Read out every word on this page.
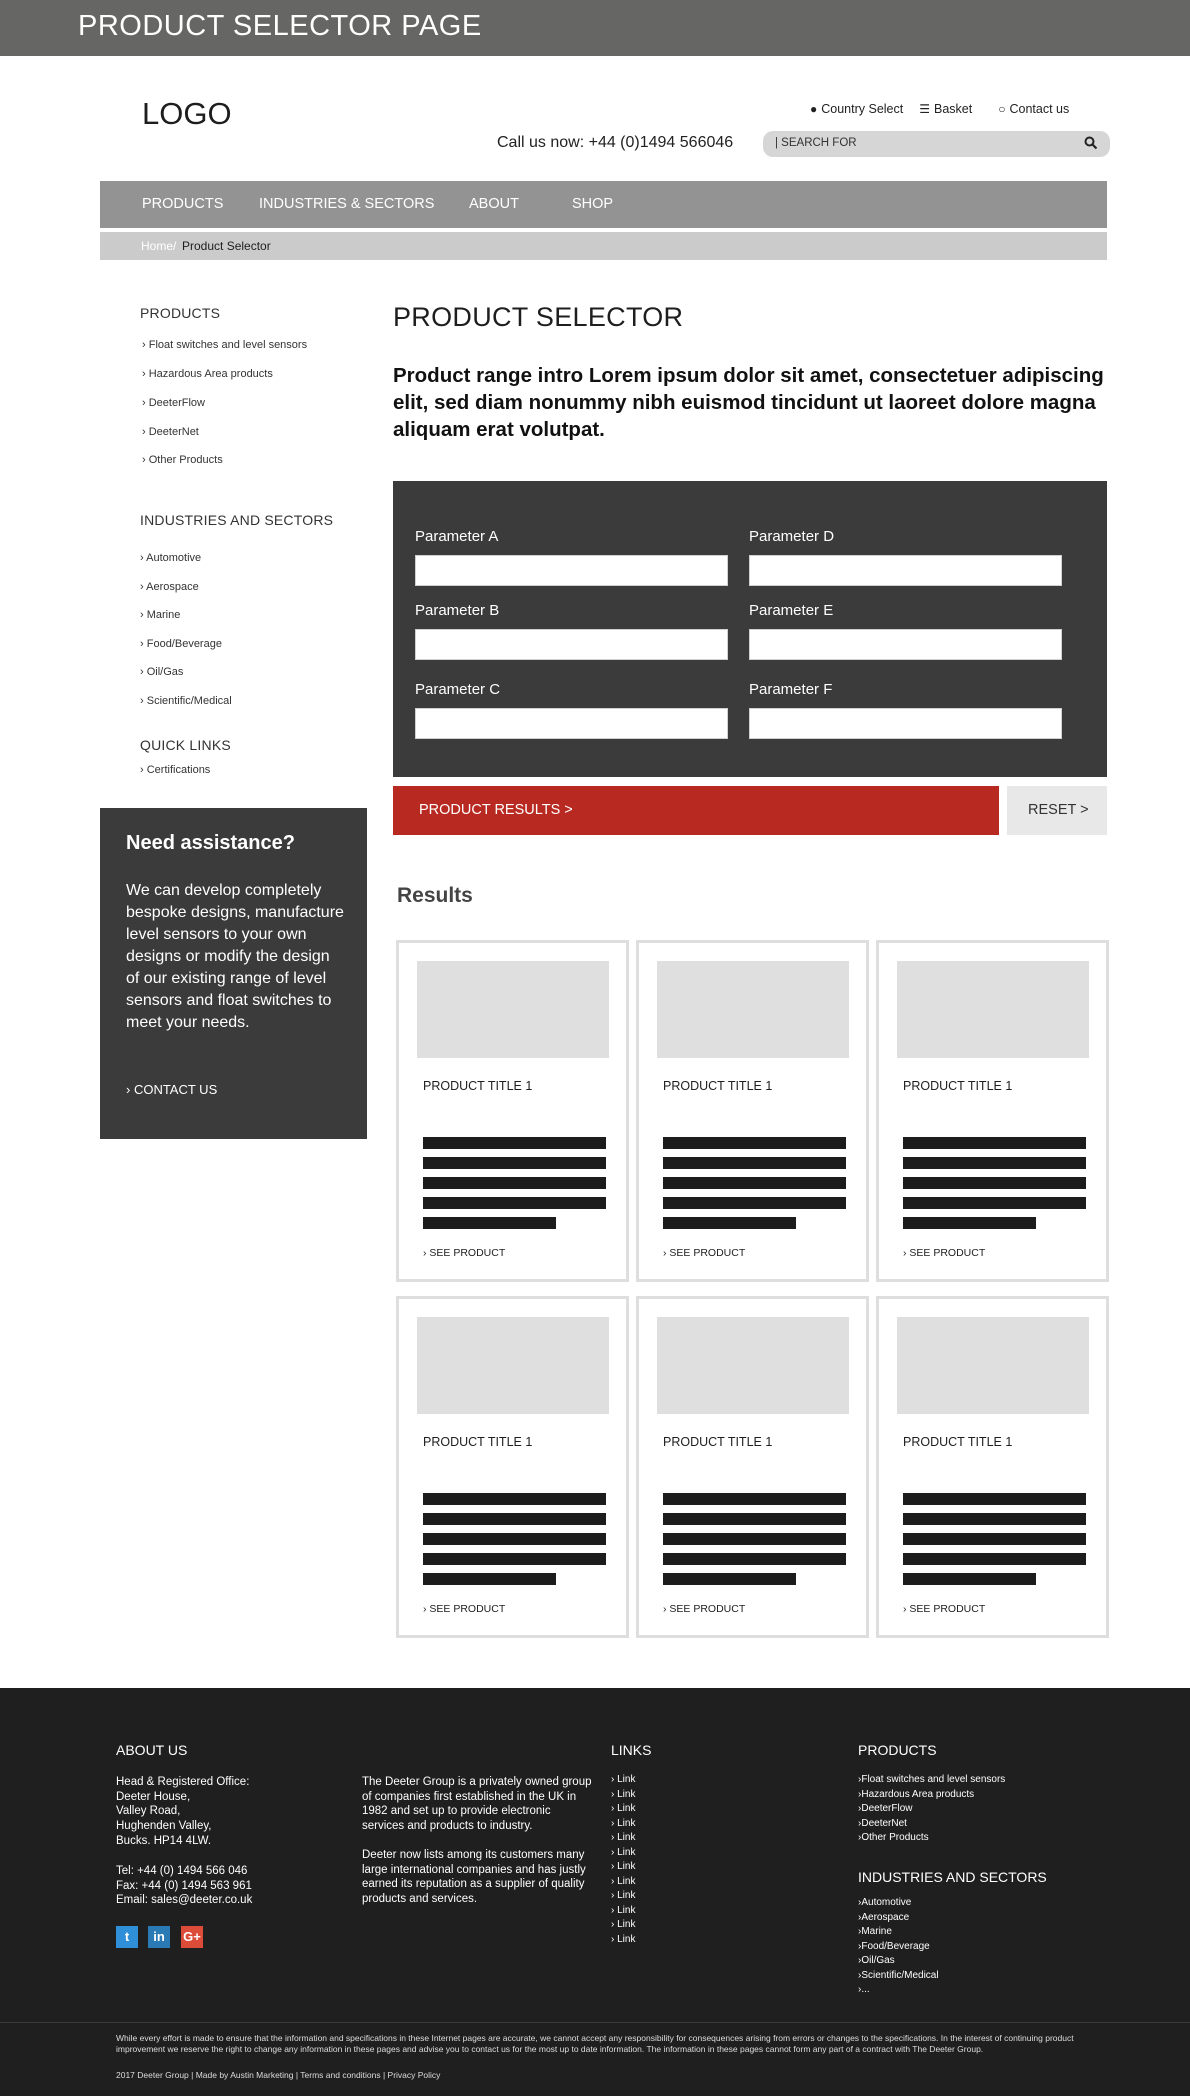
PRODUCT SELECTOR PAGE
LOGO	● Country Select ☰ Basket ○ Contact us
Call us now: +44 (0)1494 566046	| SEARCH FOR
PRODUCTS INDUSTRIES & SECTORS ABOUT	SHOP
Home / Product Selector
PRODUCTS
› Float switches and level sensors
› Hazardous Area products
› DeeterFlow
› DeeterNet
› Other Products
INDUSTRIES AND SECTORS
› Automotive
› Aerospace
› Marine
› Food/Beverage
› Oil/Gas
› Scientific/Medical
QUICK LINKS
› Certifications
Need assistance?
We can develop completely bespoke designs, manufacture level sensors to your own designs or modify the design of our existing range of level sensors and float switches to meet your needs.
› CONTACT US
PRODUCT SELECTOR
Product range intro Lorem ipsum dolor sit amet, consectetuer adipiscing elit, sed diam nonummy nibh euismod tincidunt ut laoreet dolore magna aliquam erat volutpat.
Parameter A
Parameter B
Parameter C
Parameter D
Parameter E
Parameter F
PRODUCT RESULTS >	RESET >
Results
PRODUCT TITLE 1
› SEE PRODUCT
PRODUCT TITLE 1
› SEE PRODUCT
PRODUCT TITLE 1
› SEE PRODUCT
PRODUCT TITLE 1
› SEE PRODUCT
PRODUCT TITLE 1
› SEE PRODUCT
PRODUCT TITLE 1
› SEE PRODUCT
ABOUT US
Head & Registered Office:
Deeter House,
Valley Road,
Hughenden Valley,
Bucks. HP14 4LW.
Tel: +44 (0) 1494 566 046
Fax: +44 (0) 1494 563 961
Email: sales@deeter.co.uk
t	in	G+
The Deeter Group is a privately owned group of companies first established in the UK in 1982 and set up to provide electronic services and products to industry.
Deeter now lists among its customers many large international companies and has justly earned its reputation as a supplier of quality products and services.
LINKS
› Link
› Link
› Link
› Link
› Link
› Link
› Link
› Link
› Link
› Link
› Link
› Link
PRODUCTS
›Float switches and level sensors
›Hazardous Area products
›DeeterFlow
›DeeterNet
›Other Products
INDUSTRIES AND SECTORS
›Automotive
›Aerospace
›Marine
›Food/Beverage
›Oil/Gas
›Scientific/Medical
›...
While every effort is made to ensure that the information and specifications in these Internet pages are accurate, we cannot accept any responsibility for consequences arising from errors or changes to the specifications. In the interest of continuing product improvement we reserve the right to change any information in these pages and advise you to contact us for the most up to date information. The information in these pages cannot form any part of a contract with The Deeter Group.
2017 Deeter Group | Made by Austin Marketing | Terms and conditions | Privacy Policy
